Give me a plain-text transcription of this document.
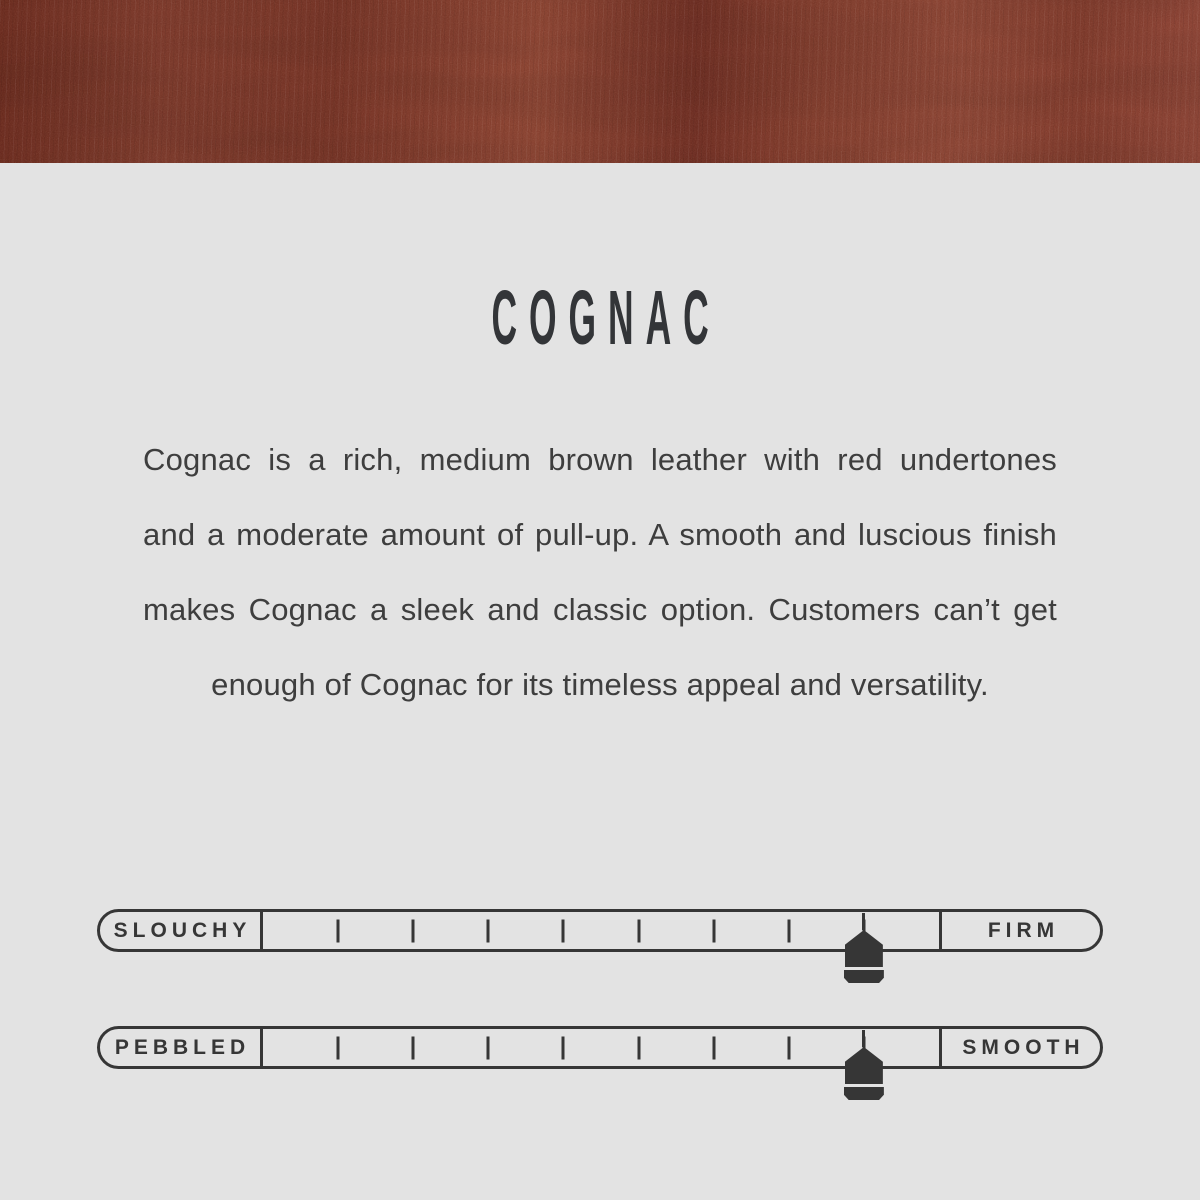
COGNAC
Cognac is a rich, medium brown leather with red undertones
and a moderate amount of pull-up. A smooth and luscious finish
makes Cognac a sleek and classic option. Customers can’t get
enough of Cognac for its timeless appeal and versatility.
SLOUCHY	FIRM
PEBBLED	SMOOTH
